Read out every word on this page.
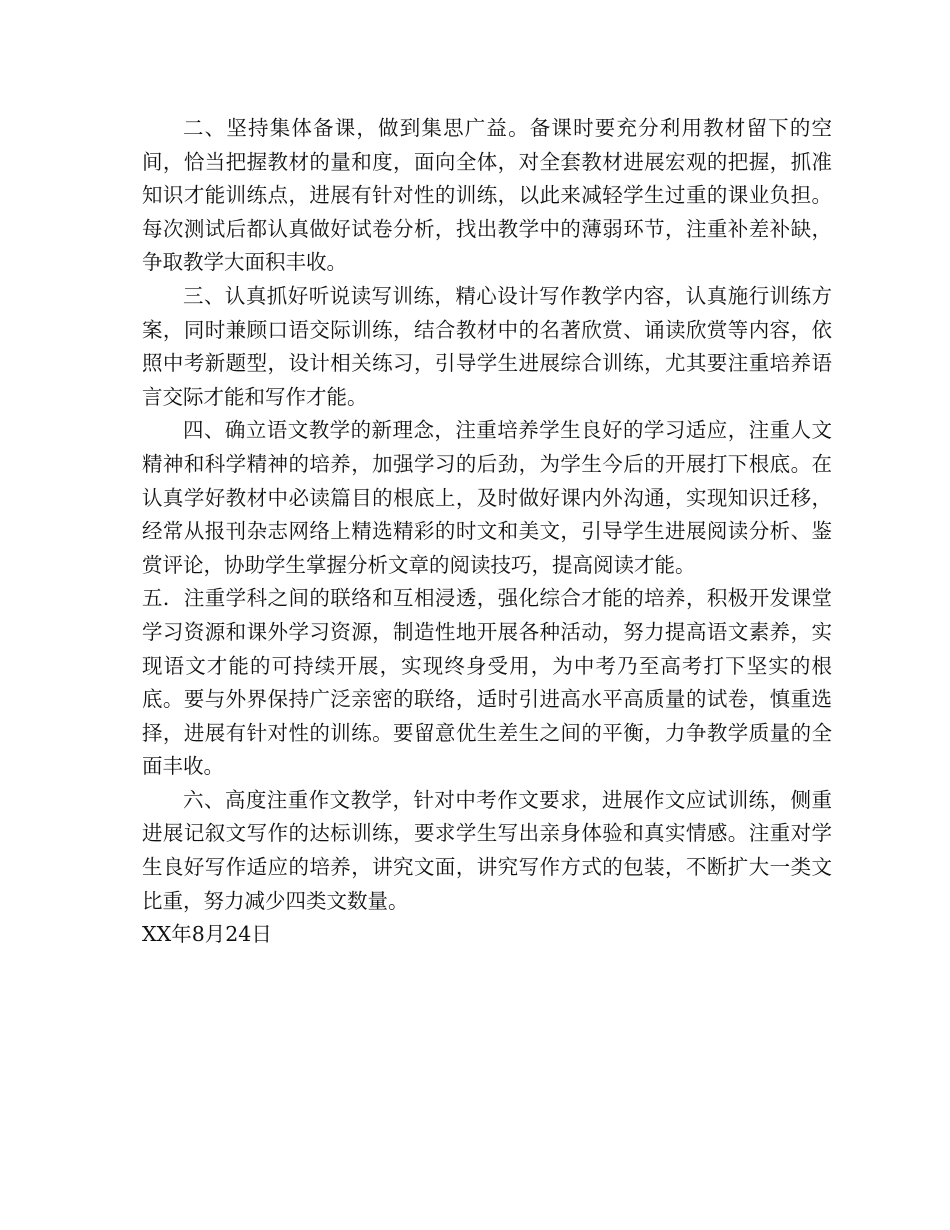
二、坚持集体备课，做到集思广益。备课时要充分利用教材留下的空间，恰当把握教材的量和度，面向全体，对全套教材进展宏观的把握，抓准知识才能训练点，进展有针对性的训练，以此来减轻学生过重的课业负担。每次测试后都认真做好试卷分析，找出教学中的薄弱环节，注重补差补缺，争取教学大面积丰收。

三、认真抓好听说读写训练，精心设计写作教学内容，认真施行训练方案，同时兼顾口语交际训练，结合教材中的名著欣赏、诵读欣赏等内容，依照中考新题型，设计相关练习，引导学生进展综合训练，尤其要注重培养语言交际才能和写作才能。

四、确立语文教学的新理念，注重培养学生良好的学习适应，注重人文精神和科学精神的培养，加强学习的后劲，为学生今后的开展打下根底。在认真学好教材中必读篇目的根底上，及时做好课内外沟通，实现知识迁移，经常从报刊杂志网络上精选精彩的时文和美文，引导学生进展阅读分析、鉴赏评论，协助学生掌握分析文章的阅读技巧，提高阅读才能。

五．注重学科之间的联络和互相浸透，强化综合才能的培养，积极开发课堂学习资源和课外学习资源，制造性地开展各种活动，努力提高语文素养，实现语文才能的可持续开展，实现终身受用，为中考乃至高考打下坚实的根底。要与外界保持广泛亲密的联络，适时引进高水平高质量的试卷，慎重选择，进展有针对性的训练。要留意优生差生之间的平衡，力争教学质量的全面丰收。

六、高度注重作文教学，针对中考作文要求，进展作文应试训练，侧重进展记叙文写作的达标训练，要求学生写出亲身体验和真实情感。注重对学生良好写作适应的培养，讲究文面，讲究写作方式的包装，不断扩大一类文比重，努力减少四类文数量。

XX年8月24日
